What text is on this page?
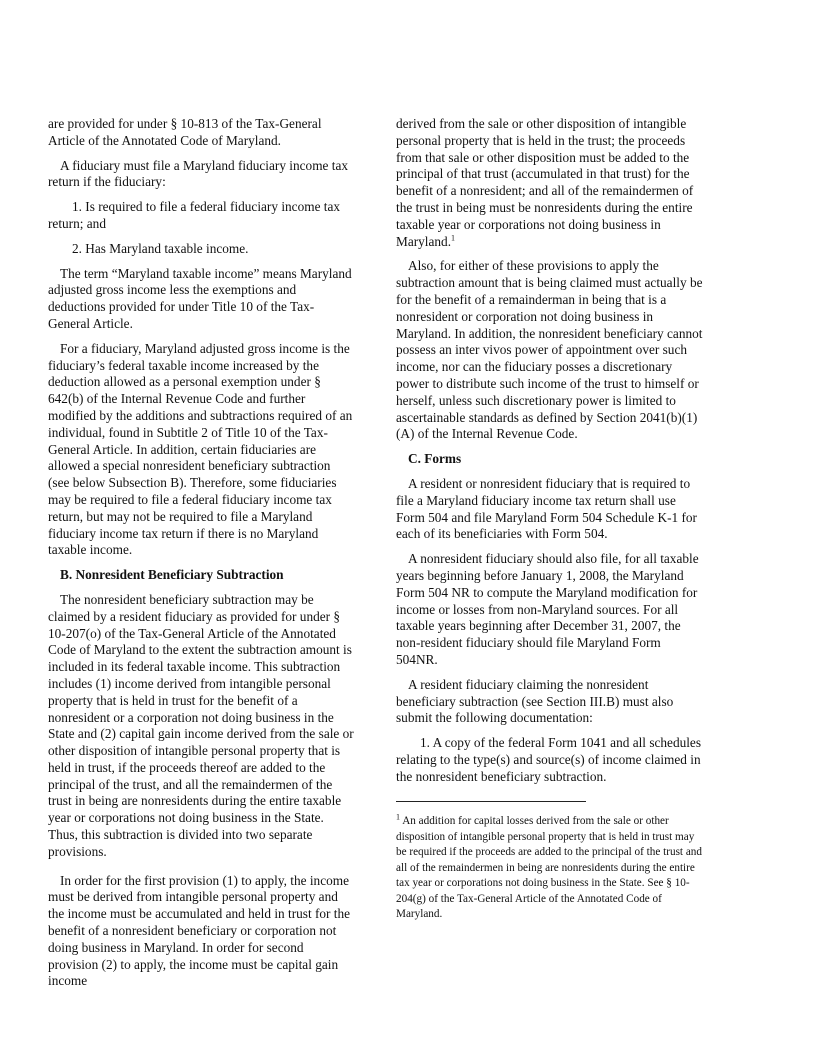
are provided for under § 10-813 of the Tax-General Article of the Annotated Code of Maryland.

A fiduciary must file a Maryland fiduciary income tax return if the fiduciary:

1. Is required to file a federal fiduciary income tax return; and

2. Has Maryland taxable income.

The term “Maryland taxable income” means Maryland adjusted gross income less the exemptions and deductions provided for under Title 10 of the Tax-General Article.

For a fiduciary, Maryland adjusted gross income is the fiduciary’s federal taxable income increased by the deduction allowed as a personal exemption under § 642(b) of the Internal Revenue Code and further modified by the additions and subtractions required of an individual, found in Subtitle 2 of Title 10 of the Tax-General Article. In addition, certain fiduciaries are allowed a special nonresident beneficiary subtraction (see below Subsection B). Therefore, some fiduciaries may be required to file a federal fiduciary income tax return, but may not be required to file a Maryland fiduciary income tax return if there is no Maryland taxable income.

B. Nonresident Beneficiary Subtraction

The nonresident beneficiary subtraction may be claimed by a resident fiduciary as provided for under § 10-207(o) of the Tax-General Article of the Annotated Code of Maryland to the extent the subtraction amount is included in its federal taxable income. This subtraction includes (1) income derived from intangible personal property that is held in trust for the benefit of a nonresident or a corporation not doing business in the State and (2) capital gain income derived from the sale or other disposition of intangible personal property that is held in trust, if the proceeds thereof are added to the principal of the trust, and all the remaindermen of the trust in being are nonresidents during the entire taxable year or corporations not doing business in the State. Thus, this subtraction is divided into two separate provisions.

In order for the first provision (1) to apply, the income must be derived from intangible personal property and the income must be accumulated and held in trust for the benefit of a nonresident beneficiary or corporation not doing business in Maryland. In order for second provision (2) to apply, the income must be capital gain income

derived from the sale or other disposition of intangible personal property that is held in the trust; the proceeds from that sale or other disposition must be added to the principal of that trust (accumulated in that trust) for the benefit of a nonresident; and all of the remaindermen of the trust in being must be nonresidents during the entire taxable year or corporations not doing business in Maryland.$^1$

Also, for either of these provisions to apply the subtraction amount that is being claimed must actually be for the benefit of a remainderman in being that is a nonresident or corporation not doing business in Maryland. In addition, the nonresident beneficiary cannot possess an inter vivos power of appointment over such income, nor can the fiduciary posses a discretionary power to distribute such income of the trust to himself or herself, unless such discretionary power is limited to ascertainable standards as defined by Section 2041(b)(1)(A) of the Internal Revenue Code.

C. Forms

A resident or nonresident fiduciary that is required to file a Maryland fiduciary income tax return shall use Form 504 and file Maryland Form 504 Schedule K-1 for each of its beneficiaries with Form 504.

A nonresident fiduciary should also file, for all taxable years beginning before January 1, 2008, the Maryland Form 504 NR to compute the Maryland modification for income or losses from non-Maryland sources. For all taxable years beginning after December 31, 2007, the non-resident fiduciary should file Maryland Form 504NR.

A resident fiduciary claiming the nonresident beneficiary subtraction (see Section III.B) must also submit the following documentation:

1. A copy of the federal Form 1041 and all schedules relating to the type(s) and source(s) of income claimed in the nonresident beneficiary subtraction.

$^1$ An addition for capital losses derived from the sale or other disposition of intangible personal property that is held in trust may be required if the proceeds are added to the principal of the trust and all of the remaindermen in being are nonresidents during the entire tax year or corporations not doing business in the State. See § 10-204(g) of the Tax-General Article of the Annotated Code of Maryland.
